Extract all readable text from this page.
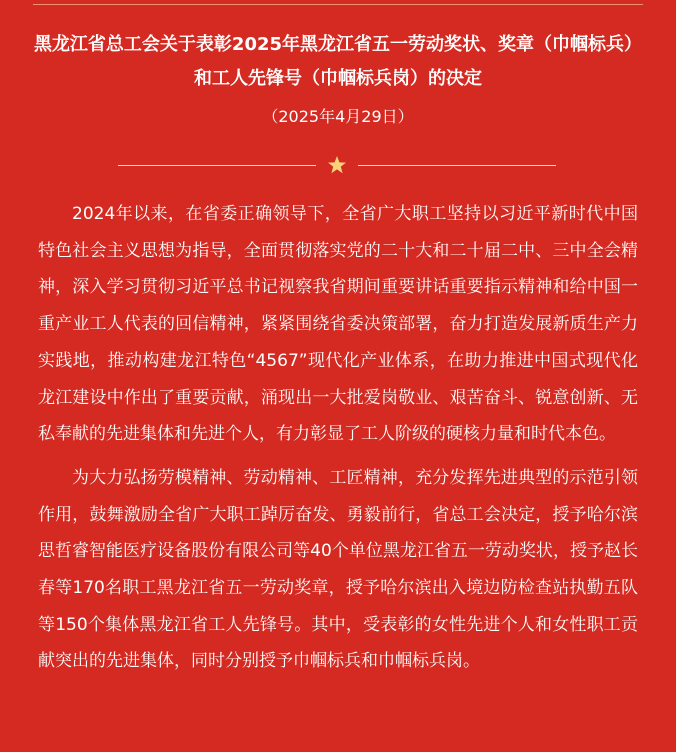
黑龙江省总工会关于表彰2025年黑龙江省五一劳动奖状、奖章（巾帼标兵）和工人先锋号（巾帼标兵岗）的决定
（2025年4月29日）

2024年以来，在省委正确领导下，全省广大职工坚持以习近平新时代中国特色社会主义思想为指导，全面贯彻落实党的二十大和二十届二中、三中全会精神，深入学习贯彻习近平总书记视察我省期间重要讲话重要指示精神和给中国一重产业工人代表的回信精神，紧紧围绕省委决策部署，奋力打造发展新质生产力实践地，推动构建龙江特色“4567”现代化产业体系，在助力推进中国式现代化龙江建设中作出了重要贡献，涌现出一大批爱岗敬业、艰苦奋斗、锐意创新、无私奉献的先进集体和先进个人，有力彰显了工人阶级的硬核力量和时代本色。

为大力弘扬劳模精神、劳动精神、工匠精神，充分发挥先进典型的示范引领作用，鼓舞激励全省广大职工踔厉奋发、勇毅前行，省总工会决定，授予哈尔滨思哲睿智能医疗设备股份有限公司等40个单位黑龙江省五一劳动奖状，授予赵长春等170名职工黑龙江省五一劳动奖章，授予哈尔滨出入境边防检查站执勤五队等150个集体黑龙江省工人先锋号。其中，受表彰的女性先进个人和女性职工贡献突出的先进集体，同时分别授予巾帼标兵和巾帼标兵岗。
